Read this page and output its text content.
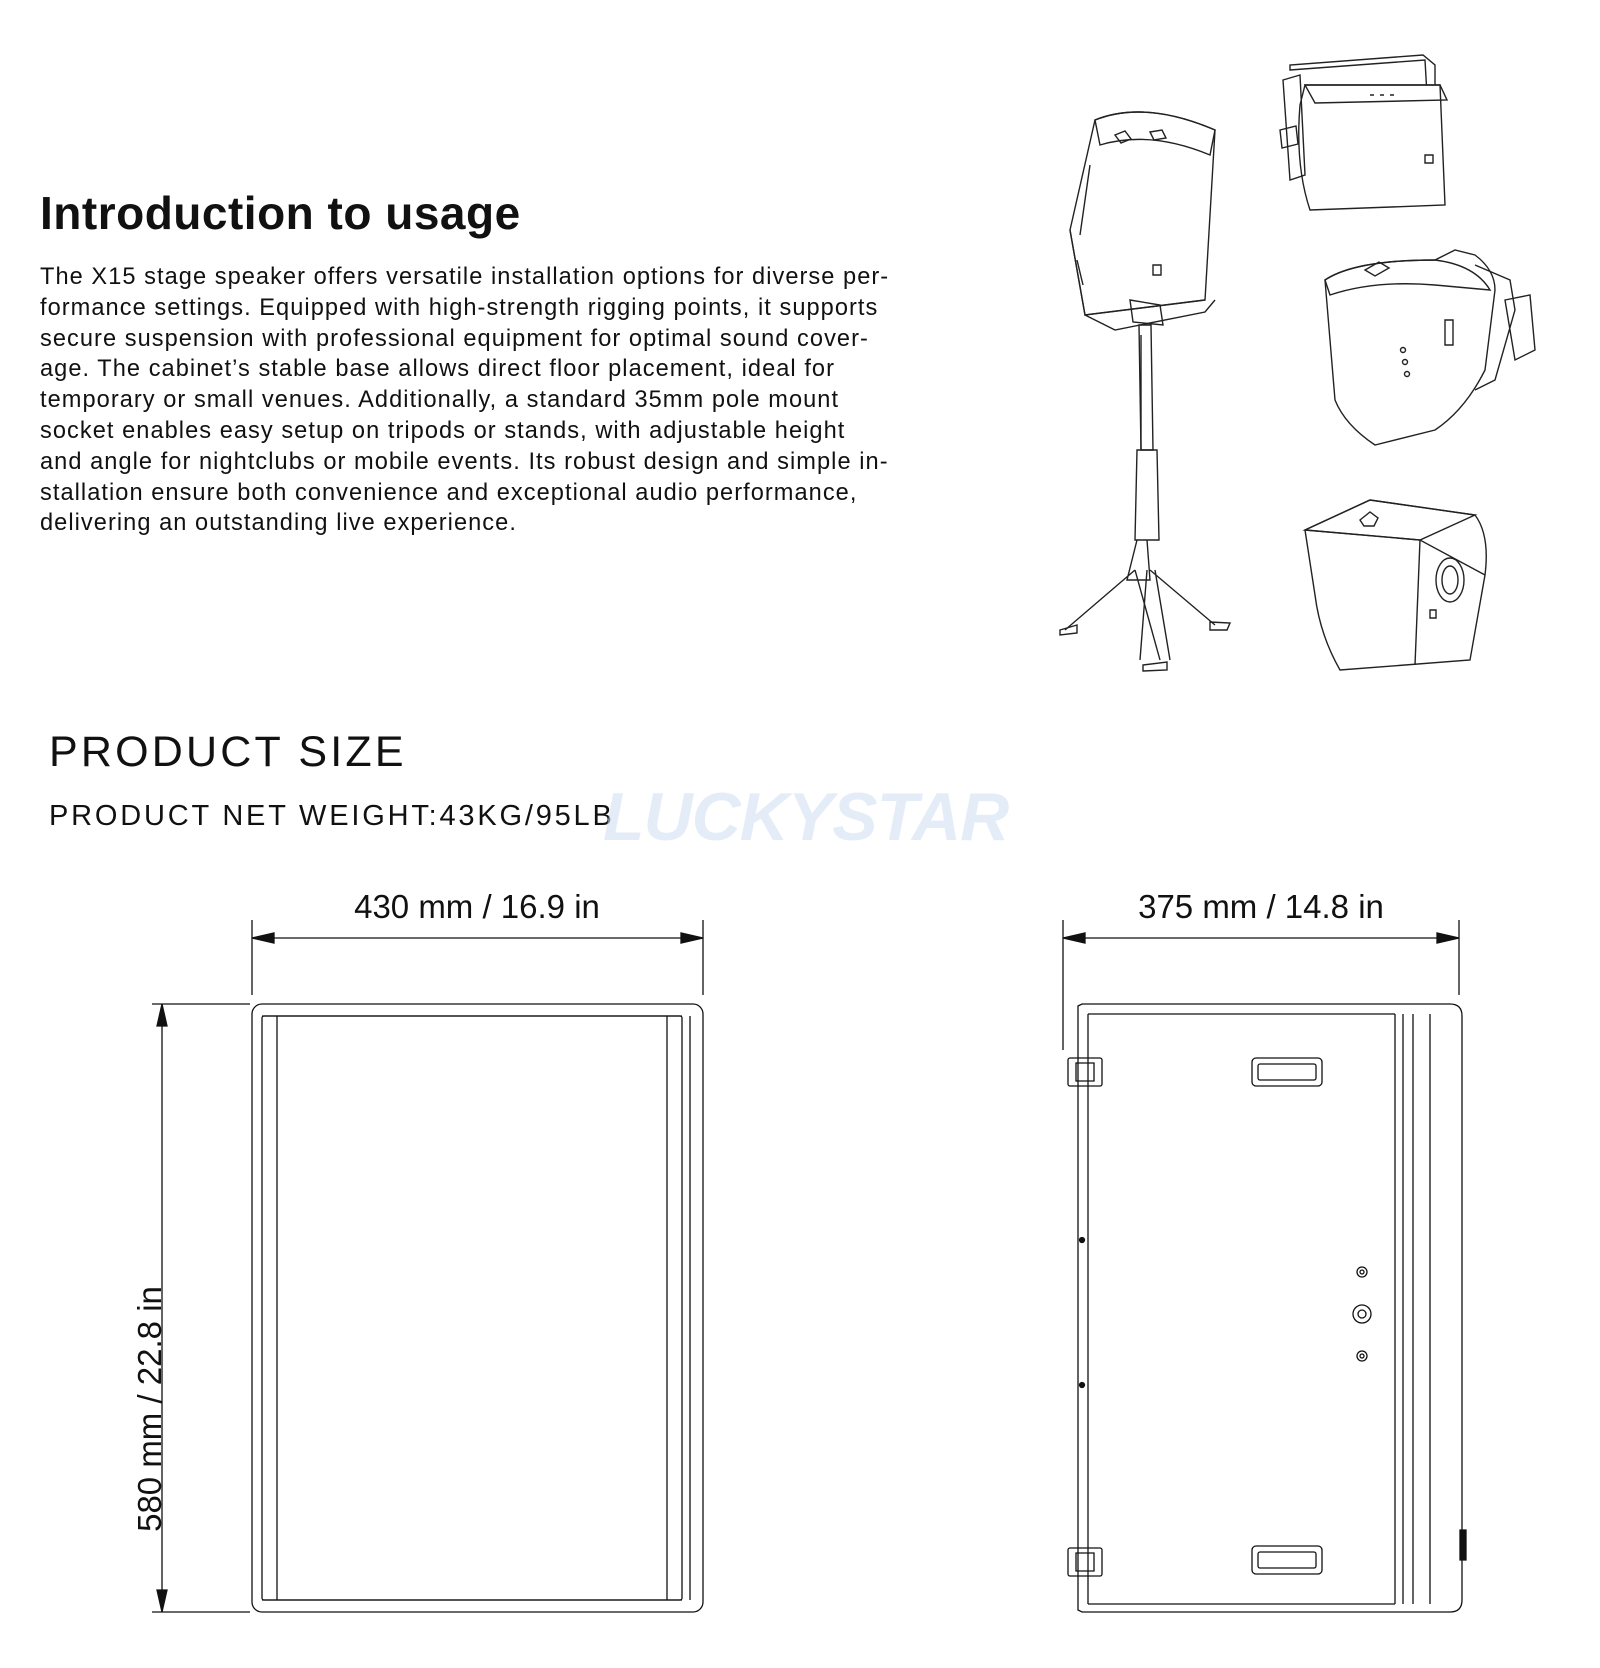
Introduction to usage

The X15 stage speaker offers versatile installation options for diverse per-
formance settings. Equipped with high-strength rigging points, it supports
secure suspension with professional equipment for optimal sound cover-
age. The cabinet’s stable base allows direct floor placement, ideal for
temporary or small venues. Additionally, a standard 35mm pole mount
socket enables easy setup on tripods or stands, with adjustable height
and angle for nightclubs or mobile events. Its robust design and simple in-
stallation ensure both convenience and exceptional audio performance,
delivering an outstanding live experience.

PRODUCT SIZE
PRODUCT NET WEIGHT:43KG/95LB
LUCKYSTAR
430 mm / 16.9 in	375 mm / 14.8 in
580 mm / 22.8 in
